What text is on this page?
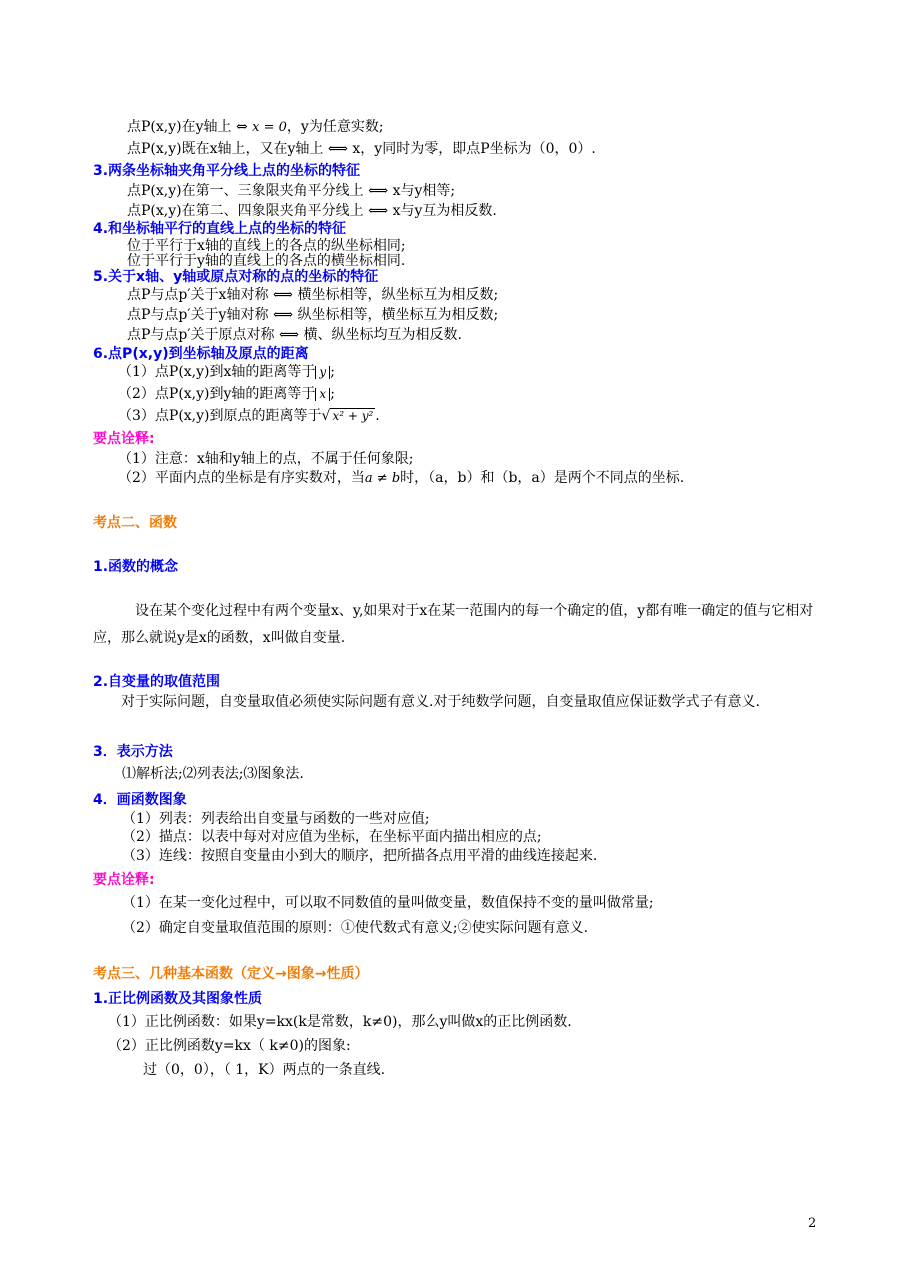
点P(x,y)在y轴上 ⇔ x = 0，y为任意实数;
点P(x,y)既在x轴上，又在y轴上 ⟺ x，y同时为零，即点P坐标为（0，0）.
3.两条坐标轴夹角平分线上点的坐标的特征
点P(x,y)在第一、三象限夹角平分线上 ⟺ x与y相等;
点P(x,y)在第二、四象限夹角平分线上 ⟺ x与y互为相反数.
4.和坐标轴平行的直线上点的坐标的特征
位于平行于x轴的直线上的各点的纵坐标相同;
位于平行于y轴的直线上的各点的横坐标相同.
5.关于x轴、y轴或原点对称的点的坐标的特征
点P与点p′关于x轴对称 ⟺ 横坐标相等，纵坐标互为相反数;
点P与点p′关于y轴对称 ⟺ 纵坐标相等，横坐标互为相反数;
点P与点p′关于原点对称 ⟺ 横、纵坐标均互为相反数.
6.点P(x,y)到坐标轴及原点的距离
（1）点P(x,y)到x轴的距离等于 y ;
（2）点P(x,y)到y轴的距离等于 x ;
（3）点P(x,y)到原点的距离等于√ x² + y² .
要点诠释:
（1）注意：x轴和y轴上的点，不属于任何象限;
（2）平面内点的坐标是有序实数对，当a ≠ b时，（a，b）和（b，a）是两个不同点的坐标.
考点二、函数
1.函数的概念
设在某个变化过程中有两个变量x、y,如果对于x在某一范围内的每一个确定的值，y都有唯一确定的值与它相对应，那么就说y是x的函数，x叫做自变量.
2.自变量的取值范围
对于实际问题，自变量取值必须使实际问题有意义.对于纯数学问题，自变量取值应保证数学式子有意义.
3．表示方法
⑴解析法;⑵列表法;⑶图象法.
4．画函数图象
（1）列表：列表给出自变量与函数的一些对应值;
（2）描点：以表中每对对应值为坐标，在坐标平面内描出相应的点;
（3）连线：按照自变量由小到大的顺序，把所描各点用平滑的曲线连接起来.
要点诠释:
（1）在某一变化过程中，可以取不同数值的量叫做变量，数值保持不变的量叫做常量;
（2）确定自变量取值范围的原则：①使代数式有意义;②使实际问题有意义.
考点三、几种基本函数（定义→图象→性质）
1.正比例函数及其图象性质
（1）正比例函数：如果y=kx(k是常数，k≠0)，那么y叫做x的正比例函数.
（2）正比例函数y=kx（ k≠0)的图象:
过（0，0），（ 1，K）两点的一条直线.
2
